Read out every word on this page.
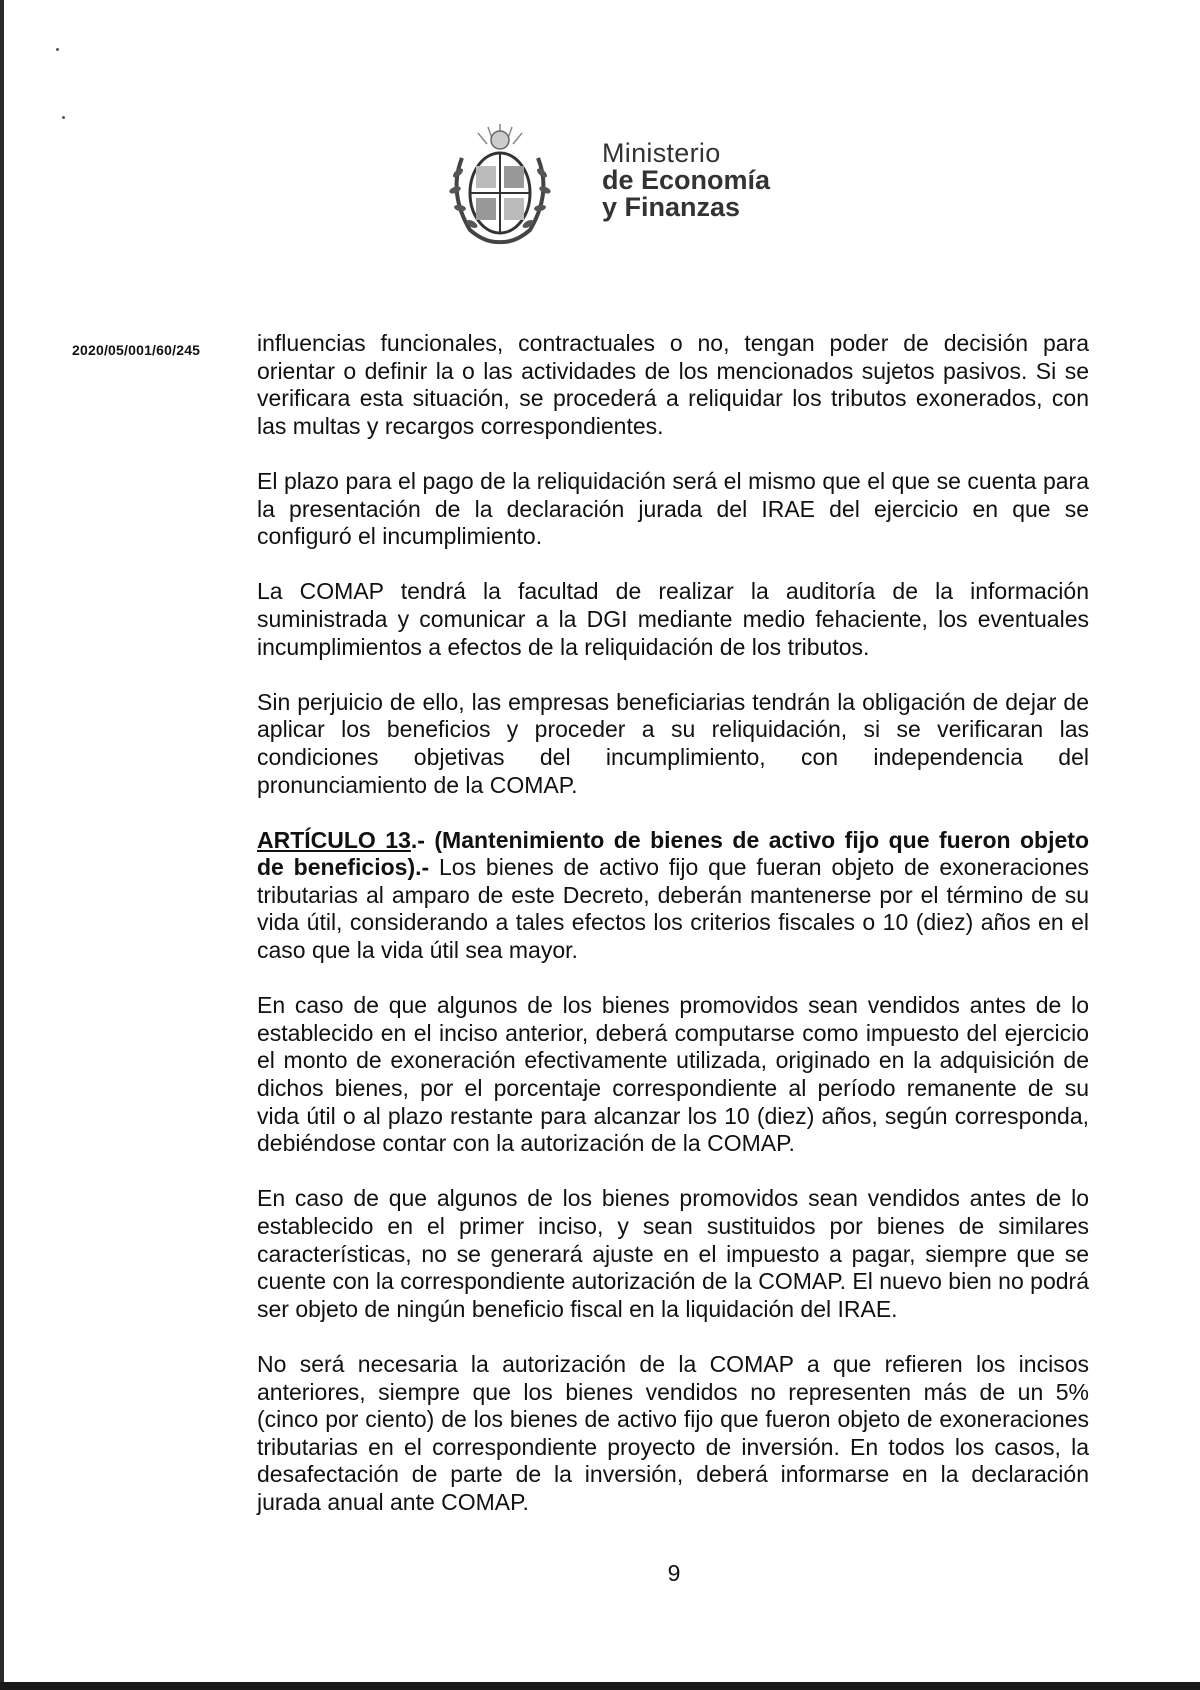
Ministerio
de Economía
y Finanzas
2020/05/001/60/245 influencias funcionales, contractuales o no, tengan poder de decisión para orientar o definir la o las actividades de los mencionados sujetos pasivos. Si se verificara esta situación, se procederá a reliquidar los tributos exonerados, con las multas y recargos correspondientes.

El plazo para el pago de la reliquidación será el mismo que el que se cuenta para la presentación de la declaración jurada del IRAE del ejercicio en que se configuró el incumplimiento.

La COMAP tendrá la facultad de realizar la auditoría de la información suministrada y comunicar a la DGI mediante medio fehaciente, los eventuales incumplimientos a efectos de la reliquidación de los tributos.

Sin perjuicio de ello, las empresas beneficiarias tendrán la obligación de dejar de aplicar los beneficios y proceder a su reliquidación, si se verificaran las condiciones objetivas del incumplimiento, con independencia del pronunciamiento de la COMAP.

ARTÍCULO 13.- (Mantenimiento de bienes de activo fijo que fueron objeto de beneficios).- Los bienes de activo fijo que fueran objeto de exoneraciones tributarias al amparo de este Decreto, deberán mantenerse por el término de su vida útil, considerando a tales efectos los criterios fiscales o 10 (diez) años en el caso que la vida útil sea mayor.

En caso de que algunos de los bienes promovidos sean vendidos antes de lo establecido en el inciso anterior, deberá computarse como impuesto del ejercicio el monto de exoneración efectivamente utilizada, originado en la adquisición de dichos bienes, por el porcentaje correspondiente al período remanente de su vida útil o al plazo restante para alcanzar los 10 (diez) años, según corresponda, debiéndose contar con la autorización de la COMAP.

En caso de que algunos de los bienes promovidos sean vendidos antes de lo establecido en el primer inciso, y sean sustituidos por bienes de similares características, no se generará ajuste en el impuesto a pagar, siempre que se cuente con la correspondiente autorización de la COMAP. El nuevo bien no podrá ser objeto de ningún beneficio fiscal en la liquidación del IRAE.

No será necesaria la autorización de la COMAP a que refieren los incisos anteriores, siempre que los bienes vendidos no representen más de un 5% (cinco por ciento) de los bienes de activo fijo que fueron objeto de exoneraciones tributarias en el correspondiente proyecto de inversión. En todos los casos, la desafectación de parte de la inversión, deberá informarse en la declaración jurada anual ante COMAP.

9
